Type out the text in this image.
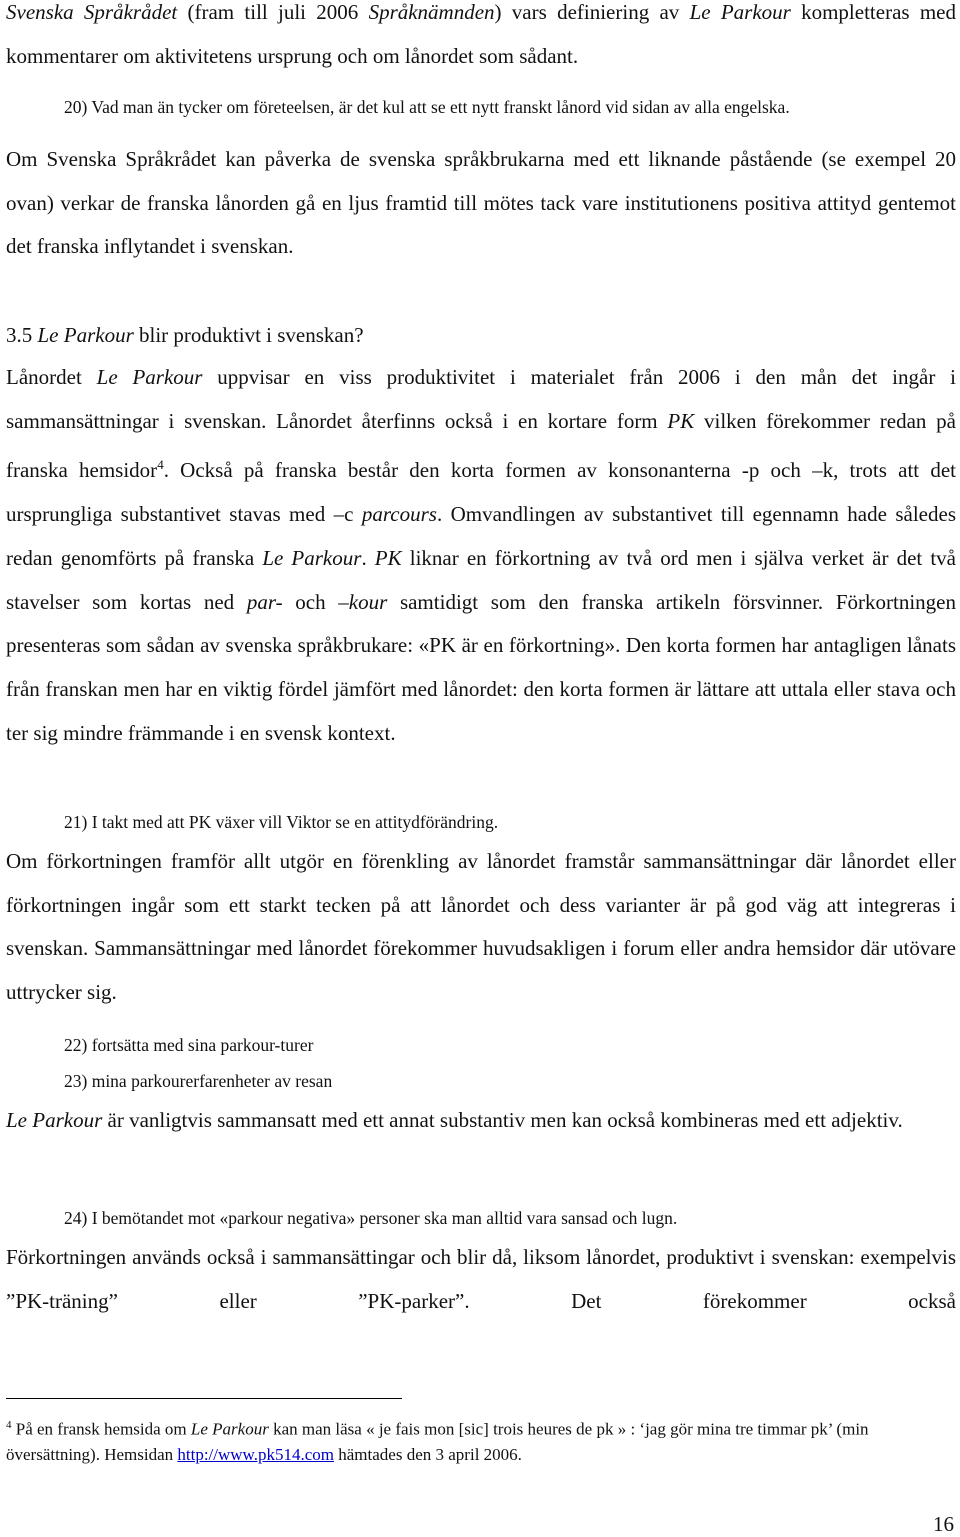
Svenska Språkrådet (fram till juli 2006 Språknämnden) vars definiering av Le Parkour kompletteras med kommentarer om aktivitetens ursprung och om lånordet som sådant.

20) Vad man än tycker om företeelsen, är det kul att se ett nytt franskt lånord vid sidan av alla engelska.

Om Svenska Språkrådet kan påverka de svenska språkbrukarna med ett liknande påstående (se exempel 20 ovan) verkar de franska lånorden gå en ljus framtid till mötes tack vare institutionens positiva attityd gentemot det franska inflytandet i svenskan.

3.5 Le Parkour blir produktivt i svenskan?

Lånordet Le Parkour uppvisar en viss produktivitet i materialet från 2006 i den mån det ingår i sammansättningar i svenskan. Lånordet återfinns också i en kortare form PK vilken förekommer redan på franska hemsidor$^4$. Också på franska består den korta formen av konsonanterna -p och –k, trots att det ursprungliga substantivet stavas med –c parcours. Omvandlingen av substantivet till egennamn hade således redan genomförts på franska Le Parkour. PK liknar en förkortning av två ord men i själva verket är det två stavelser som kortas ned par- och –kour samtidigt som den franska artikeln försvinner. Förkortningen presenteras som sådan av svenska språkbrukare: «PK är en förkortning». Den korta formen har antagligen lånats från franskan men har en viktig fördel jämfört med lånordet: den korta formen är lättare att uttala eller stava och ter sig mindre främmande i en svensk kontext.

21) I takt med att PK växer vill Viktor se en attitydförändring.

Om förkortningen framför allt utgör en förenkling av lånordet framstår sammansättningar där lånordet eller förkortningen ingår som ett starkt tecken på att lånordet och dess varianter är på god väg att integreras i svenskan. Sammansättningar med lånordet förekommer huvudsakligen i forum eller andra hemsidor där utövare uttrycker sig.

22) fortsätta med sina parkour-turer

23) mina parkourerfarenheter av resan

Le Parkour är vanligtvis sammansatt med ett annat substantiv men kan också kombineras med ett adjektiv.

24) I bemötandet mot «parkour negativa» personer ska man alltid vara sansad och lugn.

Förkortningen används också i sammansättingar och blir då, liksom lånordet, produktivt i svenskan: exempelvis ”PK-träning” eller ”PK-parker”. Det förekommer också

$^4$ På en fransk hemsida om Le Parkour kan man läsa « je fais mon [sic] trois heures de pk » : ‘jag gör mina tre timmar pk’ (min översättning). Hemsidan http://www.pk514.com hämtades den 3 april 2006.

16
